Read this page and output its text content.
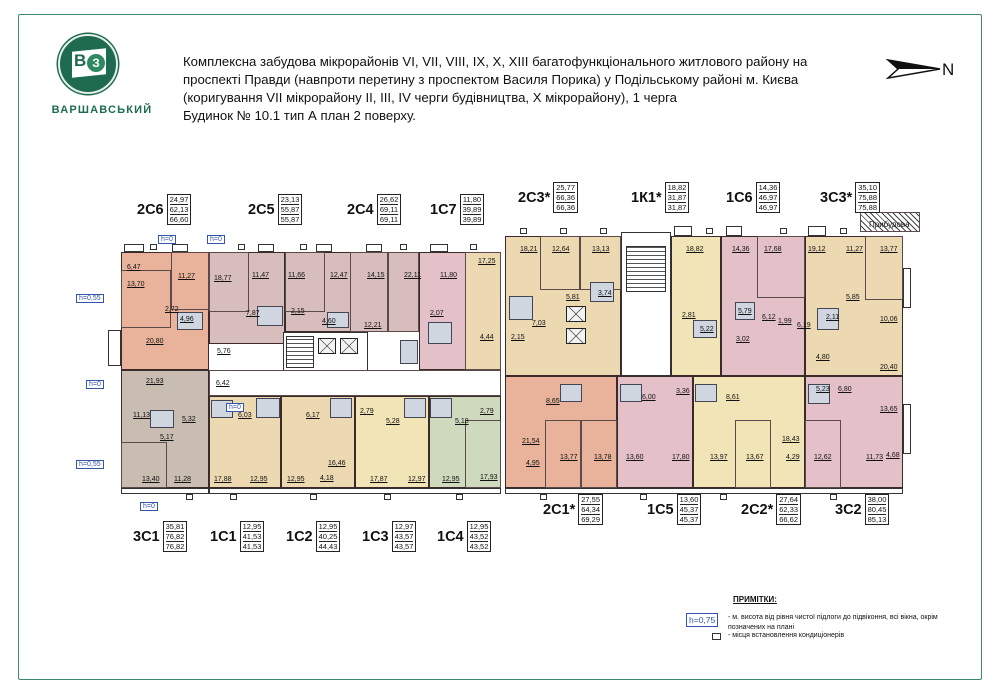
В З
ВАРШАВСЬКИЙ
Комплексна забудова мікрорайонів VI, VII, VIII, IX, X, XIII багатофункціонального житлового району на
проспекті Правди (навпроти перетину з проспектом Василя Порика) у Подільському районі м. Києва
(коригування VII мікрорайону ІІ, ІІІ, IV черги будівництва, Х мікрорайону), 1 черга
Будинок № 10.1 тип А план 2 поверху.
N
6,47
13,70
11,27
2,72
4,96
20,80
5,76
18,77	11,47	11,66
7,87	2,15
12,47	14,15	22,11
4,60
12,21
11,80
17,25
2,07
4,44
18,21 12,64	13,13
5,81
7,03
2,15
3,74
18,82
2,81
5,22
14,36 17,68
5,79
6,12
3,02
19,12	11,27 13,77
5,85
10,06
2,11
1,99
6,19
4,80
21,93	6,42
11,13
5,17
5,32
6,03	6,17
2,79
5,28	5,18
2,79
16,46
4,18
13,40 11,28	17,88	12,95	12,95	17,87	12,97 12,95	17,93
21,54
4,95
8,65
13,77 13,78
6,00
3,36
13,60	17,80
8,61
13,97	13,67
18,43
4,29 12,62
5,23 6,80
20,40
13,65
11,73 4,68
h=0	h=0
h=0,55
h=0
h=0,55
h=0
h=0
Прибудова
2С6
24,97
62,13
66,60
2С5
23,13
55,87
55,87
2С4
26,62
69,11
69,11
1С7
11,80
39,89
39,89
2С3*
25,77
66,36
66,36
1К1*
18,82
31,87
31,87
1С6
14,36
46,97
46,97
3С3*
35,10
75,88
75,88
3С1
35,81
76,82
76,82
1С1
12,95
41,53
41,53
1С2
12,95
40,25
44,43
1С3
12,97
43,57
43,57
1С4
12,95
43,52
43,52
2С1*
27,55
64,34
69,29
1С5
13,60
45,37
45,37
2С2*
27,64
62,33
66,62
3С2
38,00
80,45
85,13
ПРИМІТКИ:
h=0,75	- м. висота від рівня чистої підлоги до підвіконня, всі вікна, окрім позначених на плані
- місця встановлення кондиціонерів
